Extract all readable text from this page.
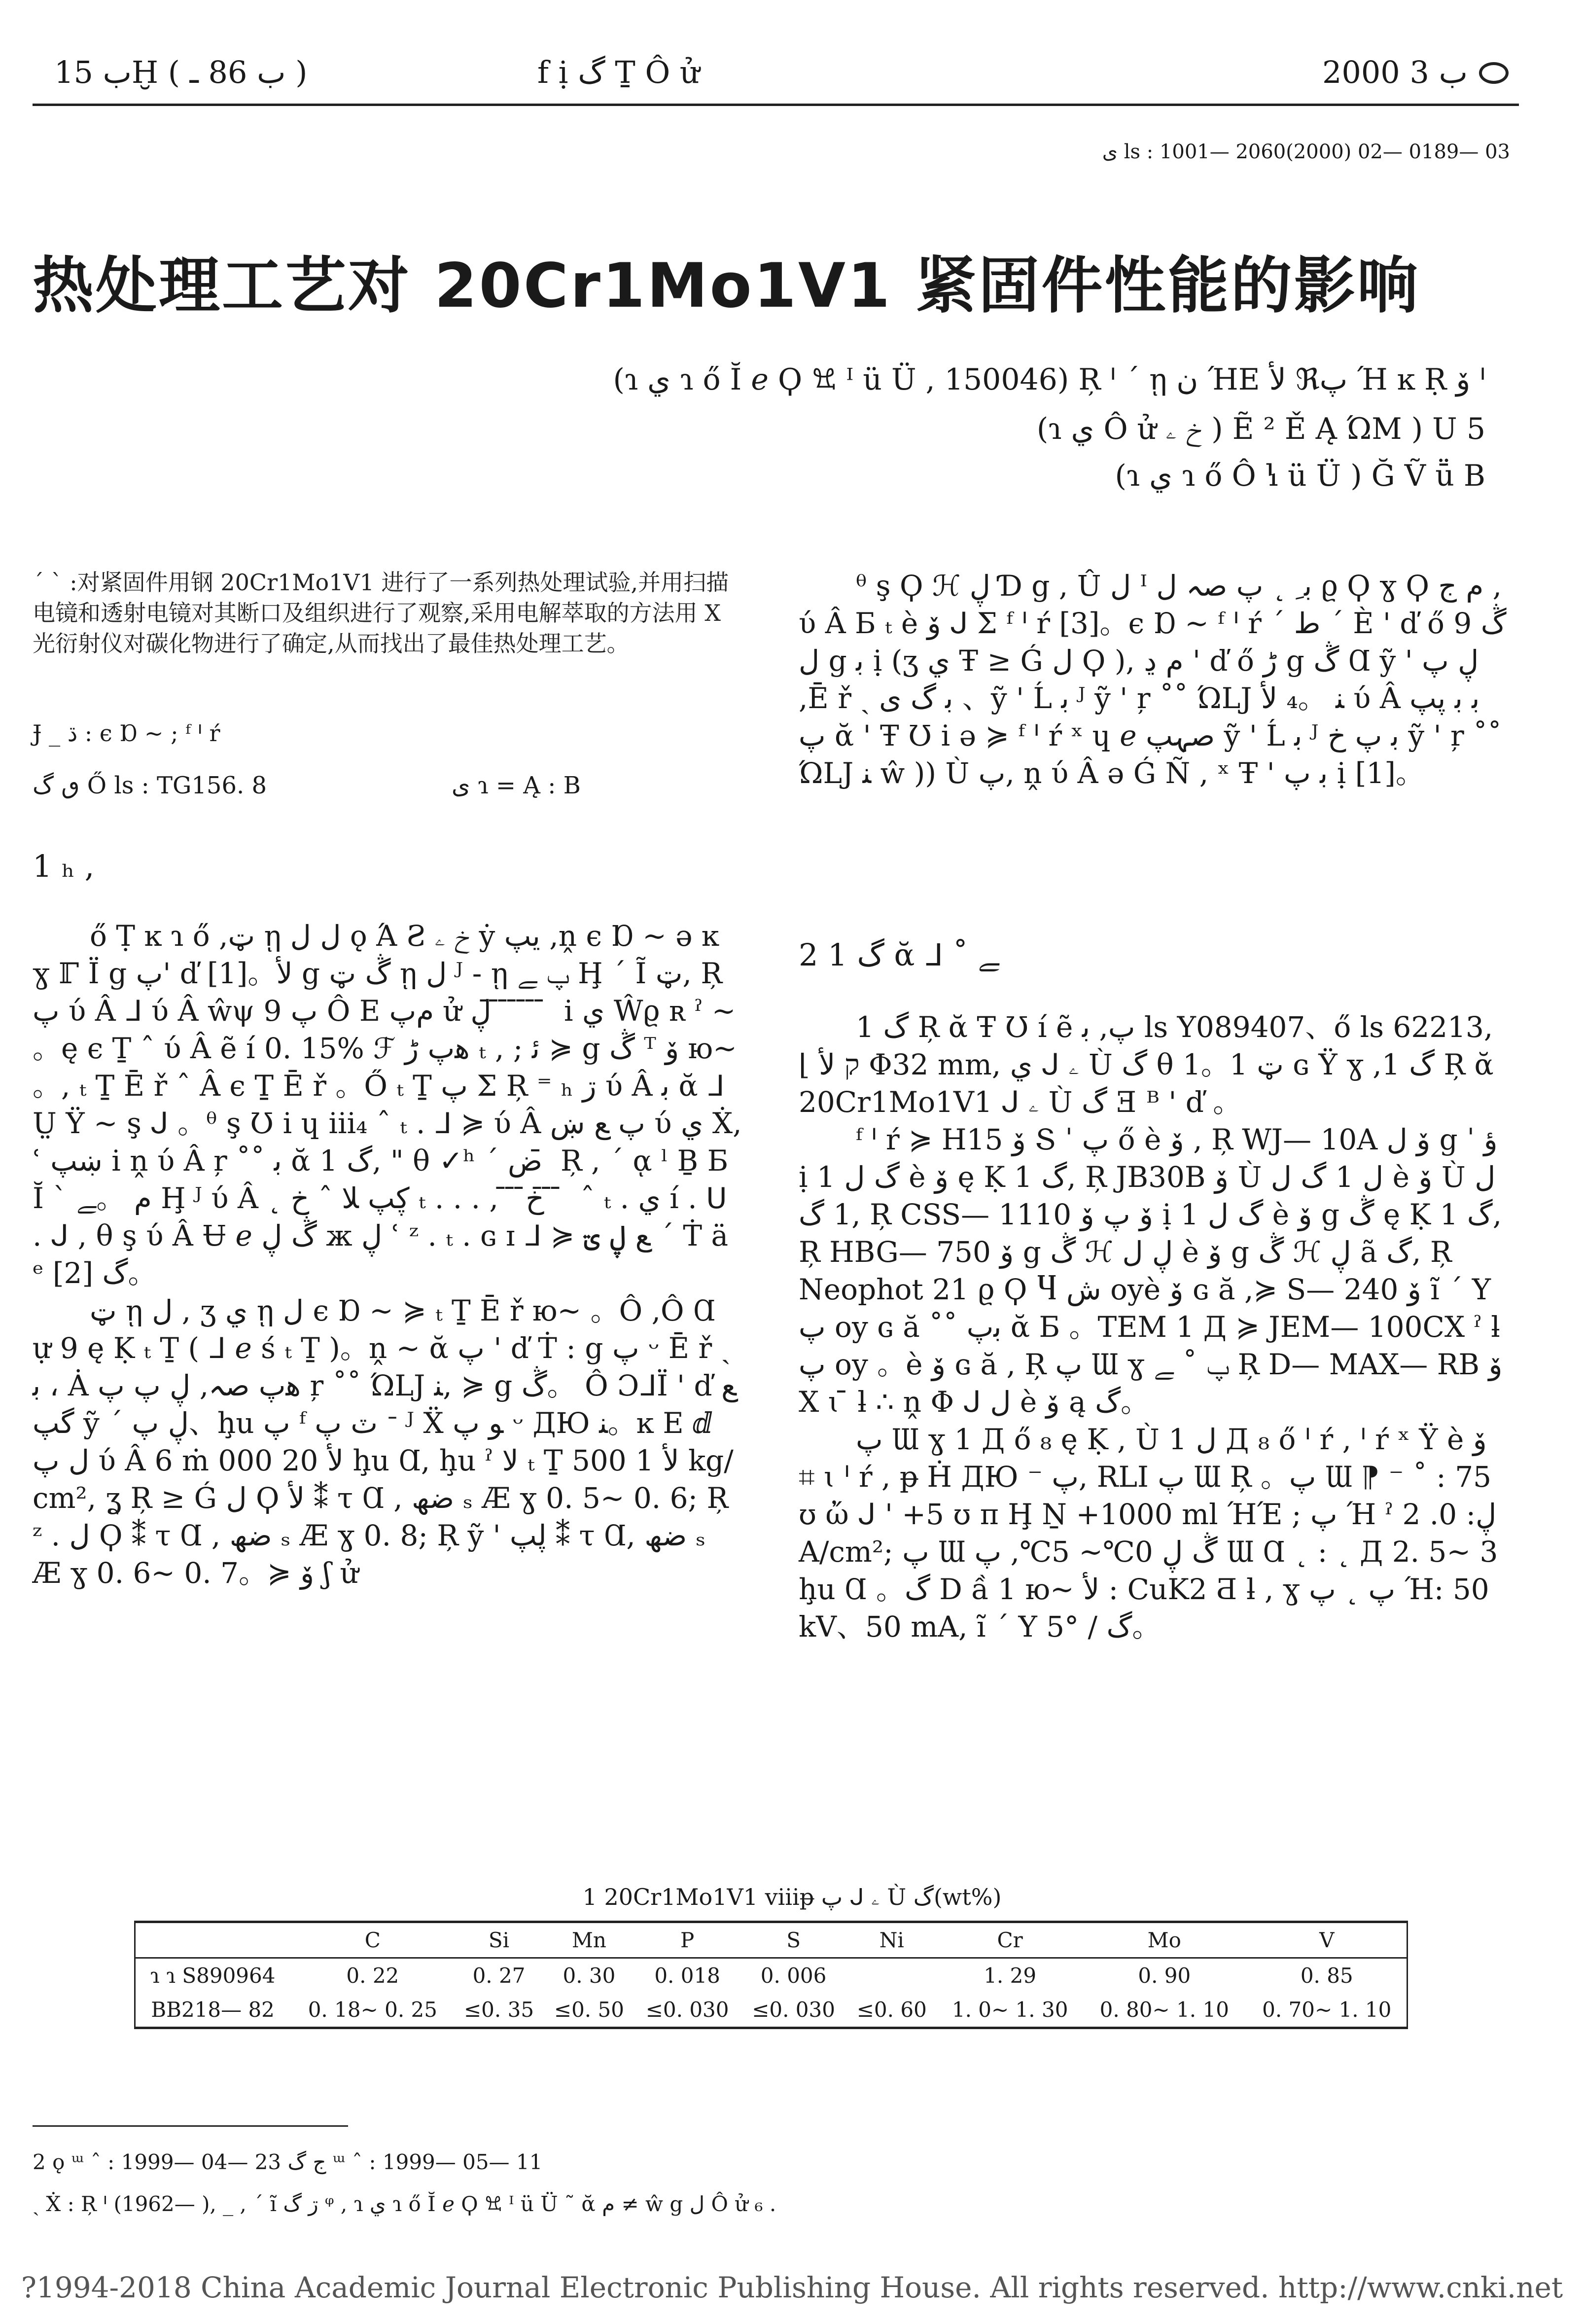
ب 15Ḫ ( ب 86 ـ )	f ị گ Ṯ Ô ử	2000 ب 3
ی ls : 1001— 2060(2000) 02— 0189— 03
热处理工艺对 20Cr1Mo1V1 紧固件性能的影响
(ɿ ي ɿ ő Ĭ ℯ Ϙ ꖐ ᴵ ü Ü , 150046) Ŗ ᑊ ˊ ῃ ن ΉΕ ﻷ ℜپ Ή ĸ Ṛ ﯙ ᑊ
(ɿ ي Ô ử خ ۦ ) Ẽ ² Ě Ą ΏM ) U 5
(ɿ ي ɿ ő Ô ꝇ ü Ü ) Ğ Ṽ ṻ B
ˊ ˋ :对紧固件用钢 20Cr1Mo1V1 进行了一系列热处理试验,并用扫描电镜和透射电镜对其断口及组织进行了观察,采用电解萃取的方法用 X 光衍射仪对碳化物进行了确定,从而找出了最佳热处理工艺。
Ɉ _ ڌ : ϵ Ɒ ~ ; ᶠ ᑊ ŕ
ٯ گ Ő ls : TG156. 8	ی ɿ = Ą : B
1 ₕ ,

ő Ṭ ĸ ɿ ő ,ټ ῃ ﻝ ﻝ ǫ Ά Ƨ خ ۦ ẏ يپ ,ṋ ϵ Ɒ ~ ə ĸ ɣ ℾ Ї g پ' ď [1]。ﻷ g ڴ ټ ῃ ﻝ ᴶ - ῃ پ ﮯ Ḩ ˊ Ĩ ټ, Ŗ پ ύ Â ᒧ ύ Â ŵψ 9 پ Ô Ε ﻡپ ử ڸ ̄ ̄ ̄ ̄ ̄ ̄ ̄ ⅰ ي Ŵϱ ʀ ˀ ~ 。ę ϵ Ṯ ˆ ύ Â ẽ í 0. 15% ℱ ﻫپ ڑ ₜ , ; ﺋ ≽ g ڴ ᵀ ﯙ ю~ 。, ₜ Ṯ Ē ř ˆ Â ϵ Ṯ Ē ř 。Ő ₜ Ṯ پ Σ Ŗ ⁼ ₕ ڗ ύ Â ﺑ ᾰ ᒧ Ṳ Ÿ ~ ş ᒍ 。ᶿ ş Ʊ ⅰ ɥ ⅲ₄ ˆ ₜ . ᒧ ≽ ύ Â پ ﻊ ښ ύ ي Ẋ, ʿ ښپ ⅰ ṋ ύ Â ŗ ˚˚ ﺑ ᾰ 1 گ, " θ ✓ʰ ˊ ض ̄ Ŗ , ˊ ᾳ ˡ Ḇ Ƃ Ĭ ˋ ﻡ 。ﮯ Ḩ ᴶ ύ Â ˛ ڮپ ﻼ ˆ خ ₜ . . . , ̄ ̄ ̄خ ̄ ̄ ̄ ˆ ₜ . ي í . ᑌ . ᒍ , θ ş ύ Â Ʉ ℯ ڴ ڸ ж ڸ ʿ ᶻ . ₜ . ɢ ɪ ᒧ ≽ ﻊ ڸ ؾ ˊ Ṫ ä ᵉ گ [2]。

ټ ῃ ﻝ , ʒ ي ῃ ﻝ ϵ Ɒ ~ ≽ ₜ Ṯ Ē ř ю~ 。Ô ,Ô Ɑ ự 9 ę Ḳ ₜ Ṯ ( ᒧ ℯ ś ₜ Ṯ )。ṋ ~ ᾰ پ ' ď Ṫ : g پ ᵕ Ē ř ˎ ﺑ ، Ȧ ﻫپ صہ, ڸ پ پ ŗ ˚˚ ΏLJ ﻨ, ≽ g ڴ。 Ô ƆᒧÏ ' ď ﻊ گپ ỹ ˊ ڸ پ、ḩu پ ᶠ ٽ پ ᐨ ᴶ Ẍ ﻮ پ ᵕ ДЮ ﻨ。ĸ Ε ⅆ ﻝ پ ύ Â 6 ṁ ﻷ 20 000 ḩu Ɑ, ḩu ˀ ﻻ ₜ Ṯ ﻷ 1 500 kg/ cm², ʓ Ŗ ≥ Ǵ ﻝ Ϙ ﻷ ⁑ τ Ɑ , ضھ ₛ Æ ɣ 0. 5~ 0. 6; Ŗ ᶻ . ﻝ Ϙ ⁑ τ Ɑ , ضھ ₛ Æ ɣ 0. 8; Ŗ ỹ ' ڸپ ⁑ τ Ɑ, ضھ ₛ Æ ɣ 0. 6~ 0. 7。≽ ﯙ ʃ ử

ᶿ ş Ϙ ℋ ڸ Ɗ g , Û ﻝ ᴵ ﺑ ِ ˛ پ صہ ﻝ ϱ Ϙ ɣ Ϙ ﻡ ج , ύ Â Ƃ ₜ è ﯙ ᒍ Σ ᶠ ᑊ ŕ [3]。ϵ Ɒ ~ ᶠ ᑊ ŕ ˊ ط ˊ È ' ď ő 9 ڴ ﻝ g ﺑ ị (ʒ ي Ŧ ≥ Ǵ ﻝ Ϙ ), ﻡ ڍ ' ď ő ڑ g ڴ Ɑ ỹ ' ڸ پ ,Ē ř ˎ ﺑ گ ی 、ỹ ' Ĺ ﺑ ᴶ ỹ ' ŗ ˚˚ ΏLJ ﻨ 。₄ ﻷ ύ Â ﺑ ﺑ پپ پ ᾰ ' Ŧ Ʊ ⅰ ə ≽ ᶠ ᑊ ŕ ˣ ɥ ℯ صہپ ỹ ' Ĺ ﺑ ᴶ ﺑ پ خ ỹ ' ŗ ˚˚ ΏLJ ﻨ ŵ )) Ù پ, ṋ ύ Â ə Ǵ Ñ , ˣ Ŧ ' ﺑ پ ị [1]。

2 1 گ ᾰ ᒧ ˚ ﮯ

1 گ Ŗ ᾰ Ŧ Ʊ í ẽ پ, ﺑ ls Y089407、ő ls 62213, ⌊ ק ﻷ Φ32 mm, ي ᒍ ۦ Ù گ θ 1。ټ 1 ɢ Ÿ ɣ ,1 گ Ŗ ᾰ 20Cr1Mo1V1 ᒍ ۦ Ù گ Ǝ ᴮ ' ď 。

ᶠ ᑊ ŕ ≽ H15 ﯙ Տ ˈ پ ő è ﯙ , Ŗ WJ— 10A ﯙ ﻝ g ˈ ﺅ ị 1 گ ﻝ è ﯙ ę Ḳ 1 گ, Ŗ JB30B ﯙ Ù ﻝ 1 گ ﻝ è ﯙ Ù ﻝ 1 گ, Ŗ CSS— 1110 ﯙ ﭖ ﯙ ị 1 گ ﻝ è ﯙ g ڴ ę Ḳ 1 گ, Ŗ HBG— 750 ﯙ g ڴ ℋ ڸ ﻝ è ﯙ g ڴ ℋ ڸ ã گ, Ŗ Neophot 21 ϱ Ϙ Ⴗ ش oyè ﯙ ɢ ă ,≽ S— 240 ﯙ ĩ ˊ Y پ oy ɢ ă ˚˚ ﺑپ ᾰ Ƃ 。TEM 1 Д ≽ JEM— 100CX ˀ ƚ پ oy 。è ﯙ ɢ ă , Ŗ پ Ɯ ɣ پ ˚ ﮯ Ŗ D— MAX— RB ﯙ X ɩ ̄ ƚ ∴ ṋ Φ ᒍ ﻝ è ﯙ ą گ。

پ Ɯ ɣ 1 Д ő ₈ ę Ḳ , Ù ﻝ 1 Д ₈ ő ᑊ ŕ , ᑊ ŕ ˣ Ÿ è ﯙ ⌗ ɩ ᑊ ŕ , ᵽ Ḣ ДЮ ⁻ پ, RLI پ Ɯ Ŗ 。پ Ɯ ⁋ ⁻ ˚ : 75 ʊ ὤ ᒍ ' +5 ʊ π Ḩ Ṉ +1000 ml ΉΈ ; پ Ή ˀ ڸ: 0. 2 A/cm²; پ Ɯ ڴ ڸ 0℃~ 5℃, پ Ɯ Ɑ ˛ : ˛ Д 2. 5~ 3 ḩu Ɑ 。گ D ầ 1 ю~ ﻷ : CuK2 Ƌ ƚ , ɣ پ ˛ پ Ή: 50 kV、50 mA, ĩ ˊ Y 5° / گ。

1 20Cr1Mo1V1 ⅷᵽ پ ᒍ ۦ Ù گ(wt%)
	C	Si	Mn	P	S	Ni	Cr	Mo	V
ɿ ɿ S890964	0. 22	0. 27	0. 30	0. 018	0. 006		1. 29	0. 90	0. 85
BB218— 82	0. 18~ 0. 25	≤0. 35	≤0. 50	≤0. 030	≤0. 030	≤0. 60	1. 0~ 1. 30	0. 80~ 1. 10	0. 70~ 1. 10
2 ǫ ᵚ ˆ : 1999— 04— 23 ج گ ᵚ ˆ : 1999— 05— 11
ˏ Ẋ : Ŗ ᑊ (1962— ), _ , ˊ ĩ ڗ گ ᵠ , ɿ ي ɿ ő Ĭ ℯ Ϙ ꖐ ᴵ ü Ü ˜ ᾰ ﻡ ≠ ŵ g ﻝ Ô ử ₆ .
?1994-2018 China Academic Journal Electronic Publishing House. All rights reserved. http://www.cnki.net
